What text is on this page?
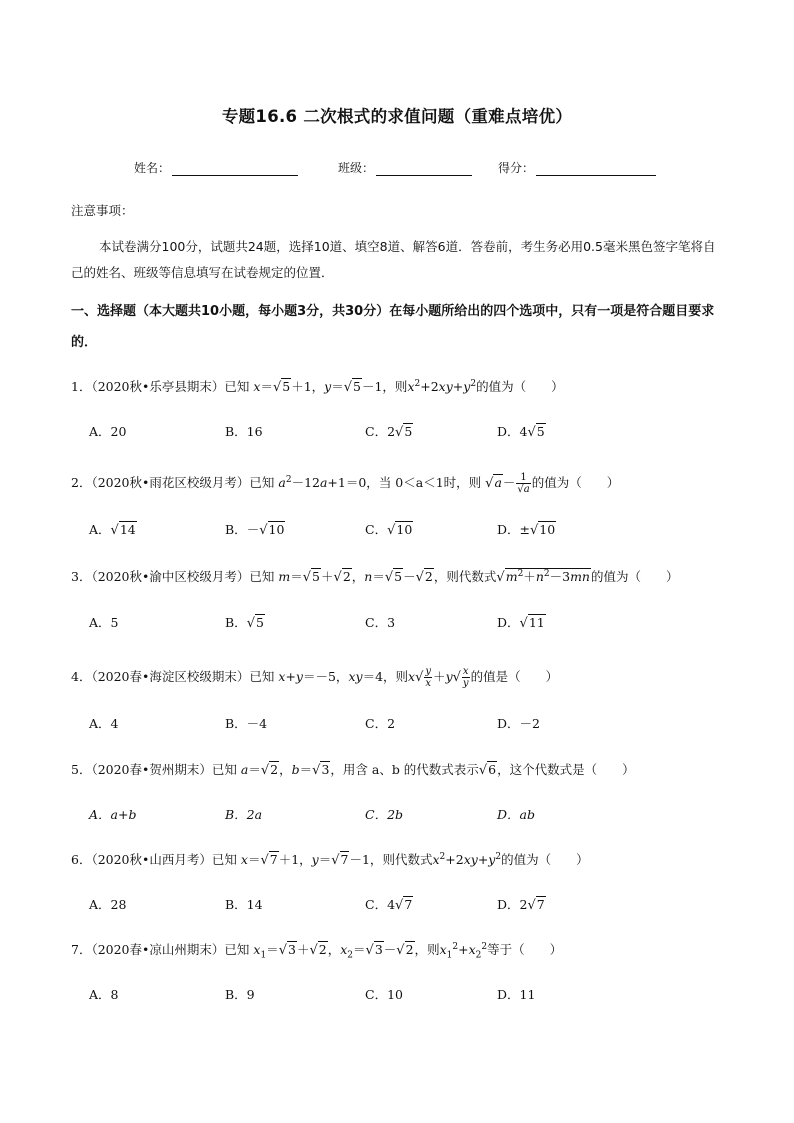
专题16.6 二次根式的求值问题（重难点培优）
姓名：	班级：	得分：
注意事项：
本试卷满分100分，试题共24题，选择10道、填空8道、解答6道．答卷前，考生务必用0.5毫米黑色签字笔将自己的姓名、班级等信息填写在试卷规定的位置．
一、选择题（本大题共10小题，每小题3分，共30分）在每小题所给出的四个选项中，只有一项是符合题目要求的．
1．（2020秋•乐亭县期末）已知 x＝√5＋1，y＝√5－1，则$x^2+2xy+y^2$的值为（　　）
A．20	B．16	C．2√5	D．4√5
2．（2020秋•雨花区校级月考）已知 $a^2-12a+1=0$，当 0＜a＜1时，则 $√a- \frac{1}{√a}$ 的值为（　　）
A．√14	B．－√10	C．√10	D．±√10
3．（2020秋•渝中区校级月考）已知 m＝√5＋√2，n＝√5－√2，则代数式$√m^2+n^2-3mn$的值为（　　）
A．5	B．√5	C．3	D．√11
4．（2020春•海淀区校级期末）已知 x+y＝－5，xy＝4，则$x√ \frac{y}{x} +y√ \frac{x}{y}$ 的值是（　　）
A．4	B．－4	C．2	D．－2
5．（2020春•贺州期末）已知 a＝√2，b＝√3，用含 a、b 的代数式表示√6，这个代数式是（　　）
A．a+b	B．2a	C．2b	D．ab
6．（2020秋•山西月考）已知 x＝√7＋1，y＝√7－1，则代数式$x^2+2xy+y^2$的值为（　　）
A．28	B．14	C．4√7	D．2√7
7．（2020春•凉山州期末）已知 $x_1=√3+√2$，$x_2=√3-√2$，则$x_1^2+x_2^2$等于（　　）
A．8	B．9	C．10	D．11
